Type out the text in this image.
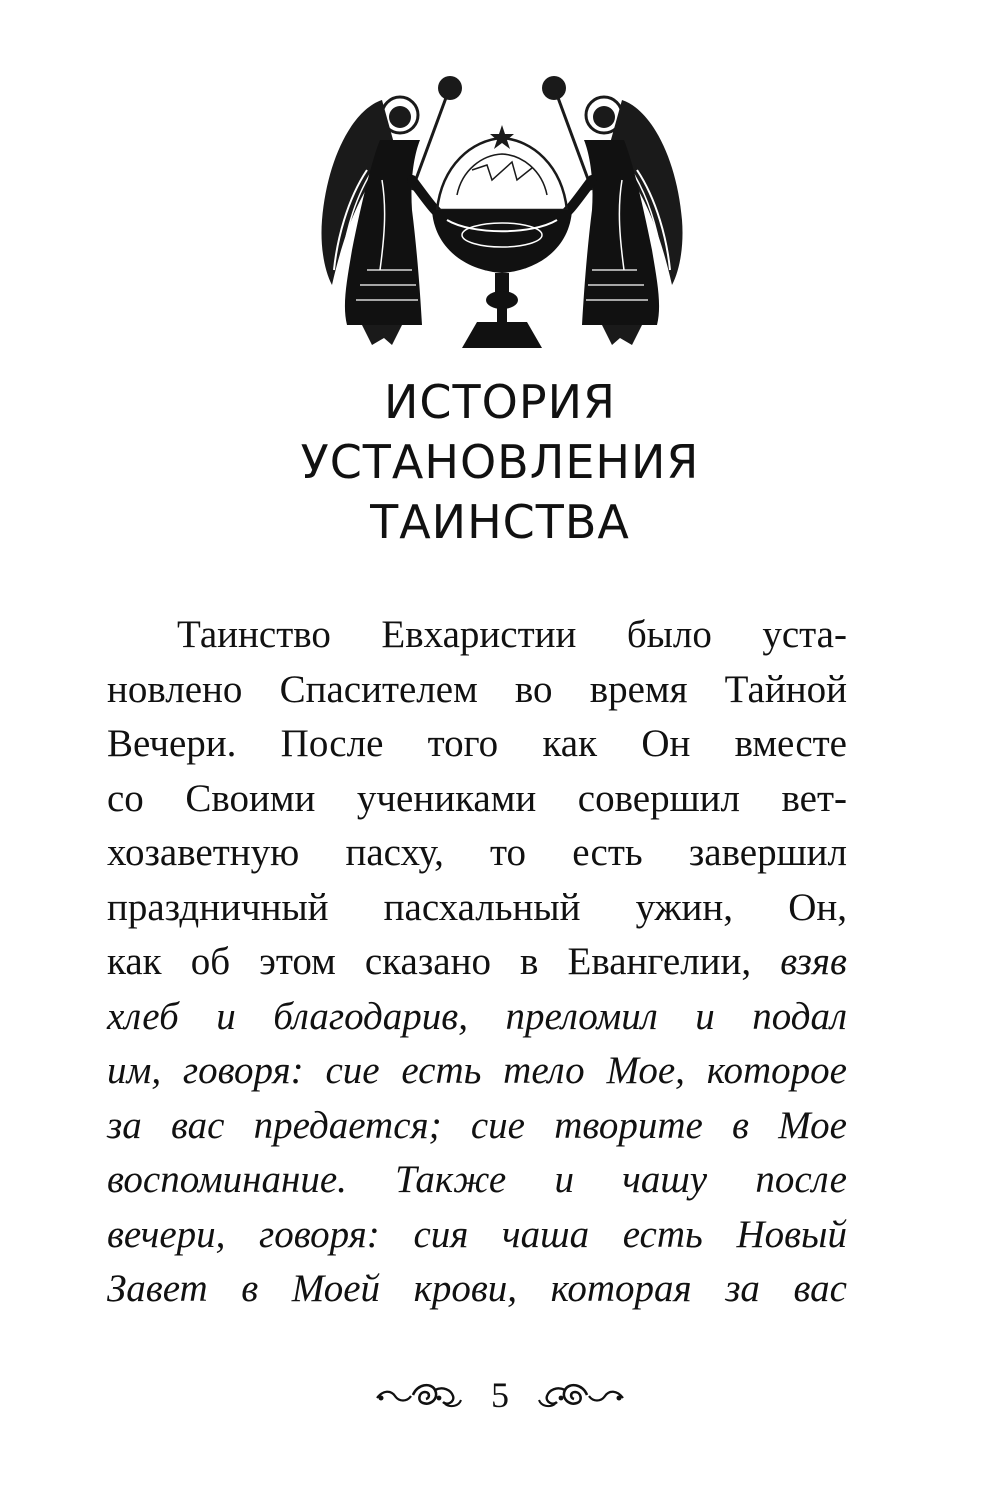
ИСТОРИЯ
УСТАНОВЛЕНИЯ
ТАИНСТВА
Таинство Евхаристии было уста-
новлено Спасителем во время Тайной
Вечери. После того как Он вместе
со Своими учениками совершил вет-
хозаветную пасху, то есть завершил
праздничный пасхальный ужин, Он,
как об этом сказано в Евангелии, взяв
хлеб и благодарив, преломил и подал
им, говоря: сие есть тело Мое, которое
за вас предается; сие творите в Мое
воспоминание. Также и чашу после
вечери, говоря: сия чаша есть Новый
Завет в Моей крови, которая за вас
5
